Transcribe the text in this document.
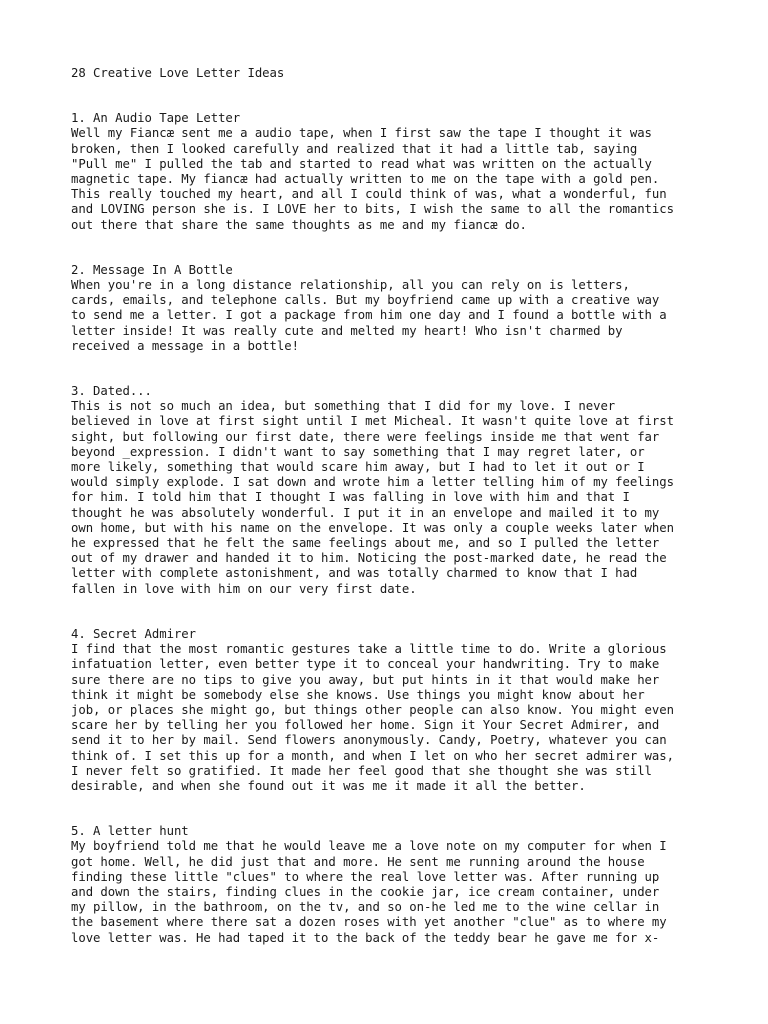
28 Creative Love Letter Ideas
1. An Audio Tape Letter
Well my Fiancæ sent me a audio tape, when I first saw the tape I thought it was
broken, then I looked carefully and realized that it had a little tab, saying
"Pull me" I pulled the tab and started to read what was written on the actually
magnetic tape. My fiancæ had actually written to me on the tape with a gold pen.
This really touched my heart, and all I could think of was, what a wonderful, fun
and LOVING person she is. I LOVE her to bits, I wish the same to all the romantics
out there that share the same thoughts as me and my fiancæ do.
2. Message In A Bottle
When you're in a long distance relationship, all you can rely on is letters,
cards, emails, and telephone calls. But my boyfriend came up with a creative way
to send me a letter. I got a package from him one day and I found a bottle with a
letter inside! It was really cute and melted my heart! Who isn't charmed by
received a message in a bottle!
3. Dated...
This is not so much an idea, but something that I did for my love. I never
believed in love at first sight until I met Micheal. It wasn't quite love at first
sight, but following our first date, there were feelings inside me that went far
beyond _expression. I didn't want to say something that I may regret later, or
more likely, something that would scare him away, but I had to let it out or I
would simply explode. I sat down and wrote him a letter telling him of my feelings
for him. I told him that I thought I was falling in love with him and that I
thought he was absolutely wonderful. I put it in an envelope and mailed it to my
own home, but with his name on the envelope. It was only a couple weeks later when
he expressed that he felt the same feelings about me, and so I pulled the letter
out of my drawer and handed it to him. Noticing the post-marked date, he read the
letter with complete astonishment, and was totally charmed to know that I had
fallen in love with him on our very first date.
4. Secret Admirer
I find that the most romantic gestures take a little time to do. Write a glorious
infatuation letter, even better type it to conceal your handwriting. Try to make
sure there are no tips to give you away, but put hints in it that would make her
think it might be somebody else she knows. Use things you might know about her
job, or places she might go, but things other people can also know. You might even
scare her by telling her you followed her home. Sign it Your Secret Admirer, and
send it to her by mail. Send flowers anonymously. Candy, Poetry, whatever you can
think of. I set this up for a month, and when I let on who her secret admirer was,
I never felt so gratified. It made her feel good that she thought she was still
desirable, and when she found out it was me it made it all the better.
5. A letter hunt
My boyfriend told me that he would leave me a love note on my computer for when I
got home. Well, he did just that and more. He sent me running around the house
finding these little "clues" to where the real love letter was. After running up
and down the stairs, finding clues in the cookie jar, ice cream container, under
my pillow, in the bathroom, on the tv, and so on-he led me to the wine cellar in
the basement where there sat a dozen roses with yet another "clue" as to where my
love letter was. He had taped it to the back of the teddy bear he gave me for x-
